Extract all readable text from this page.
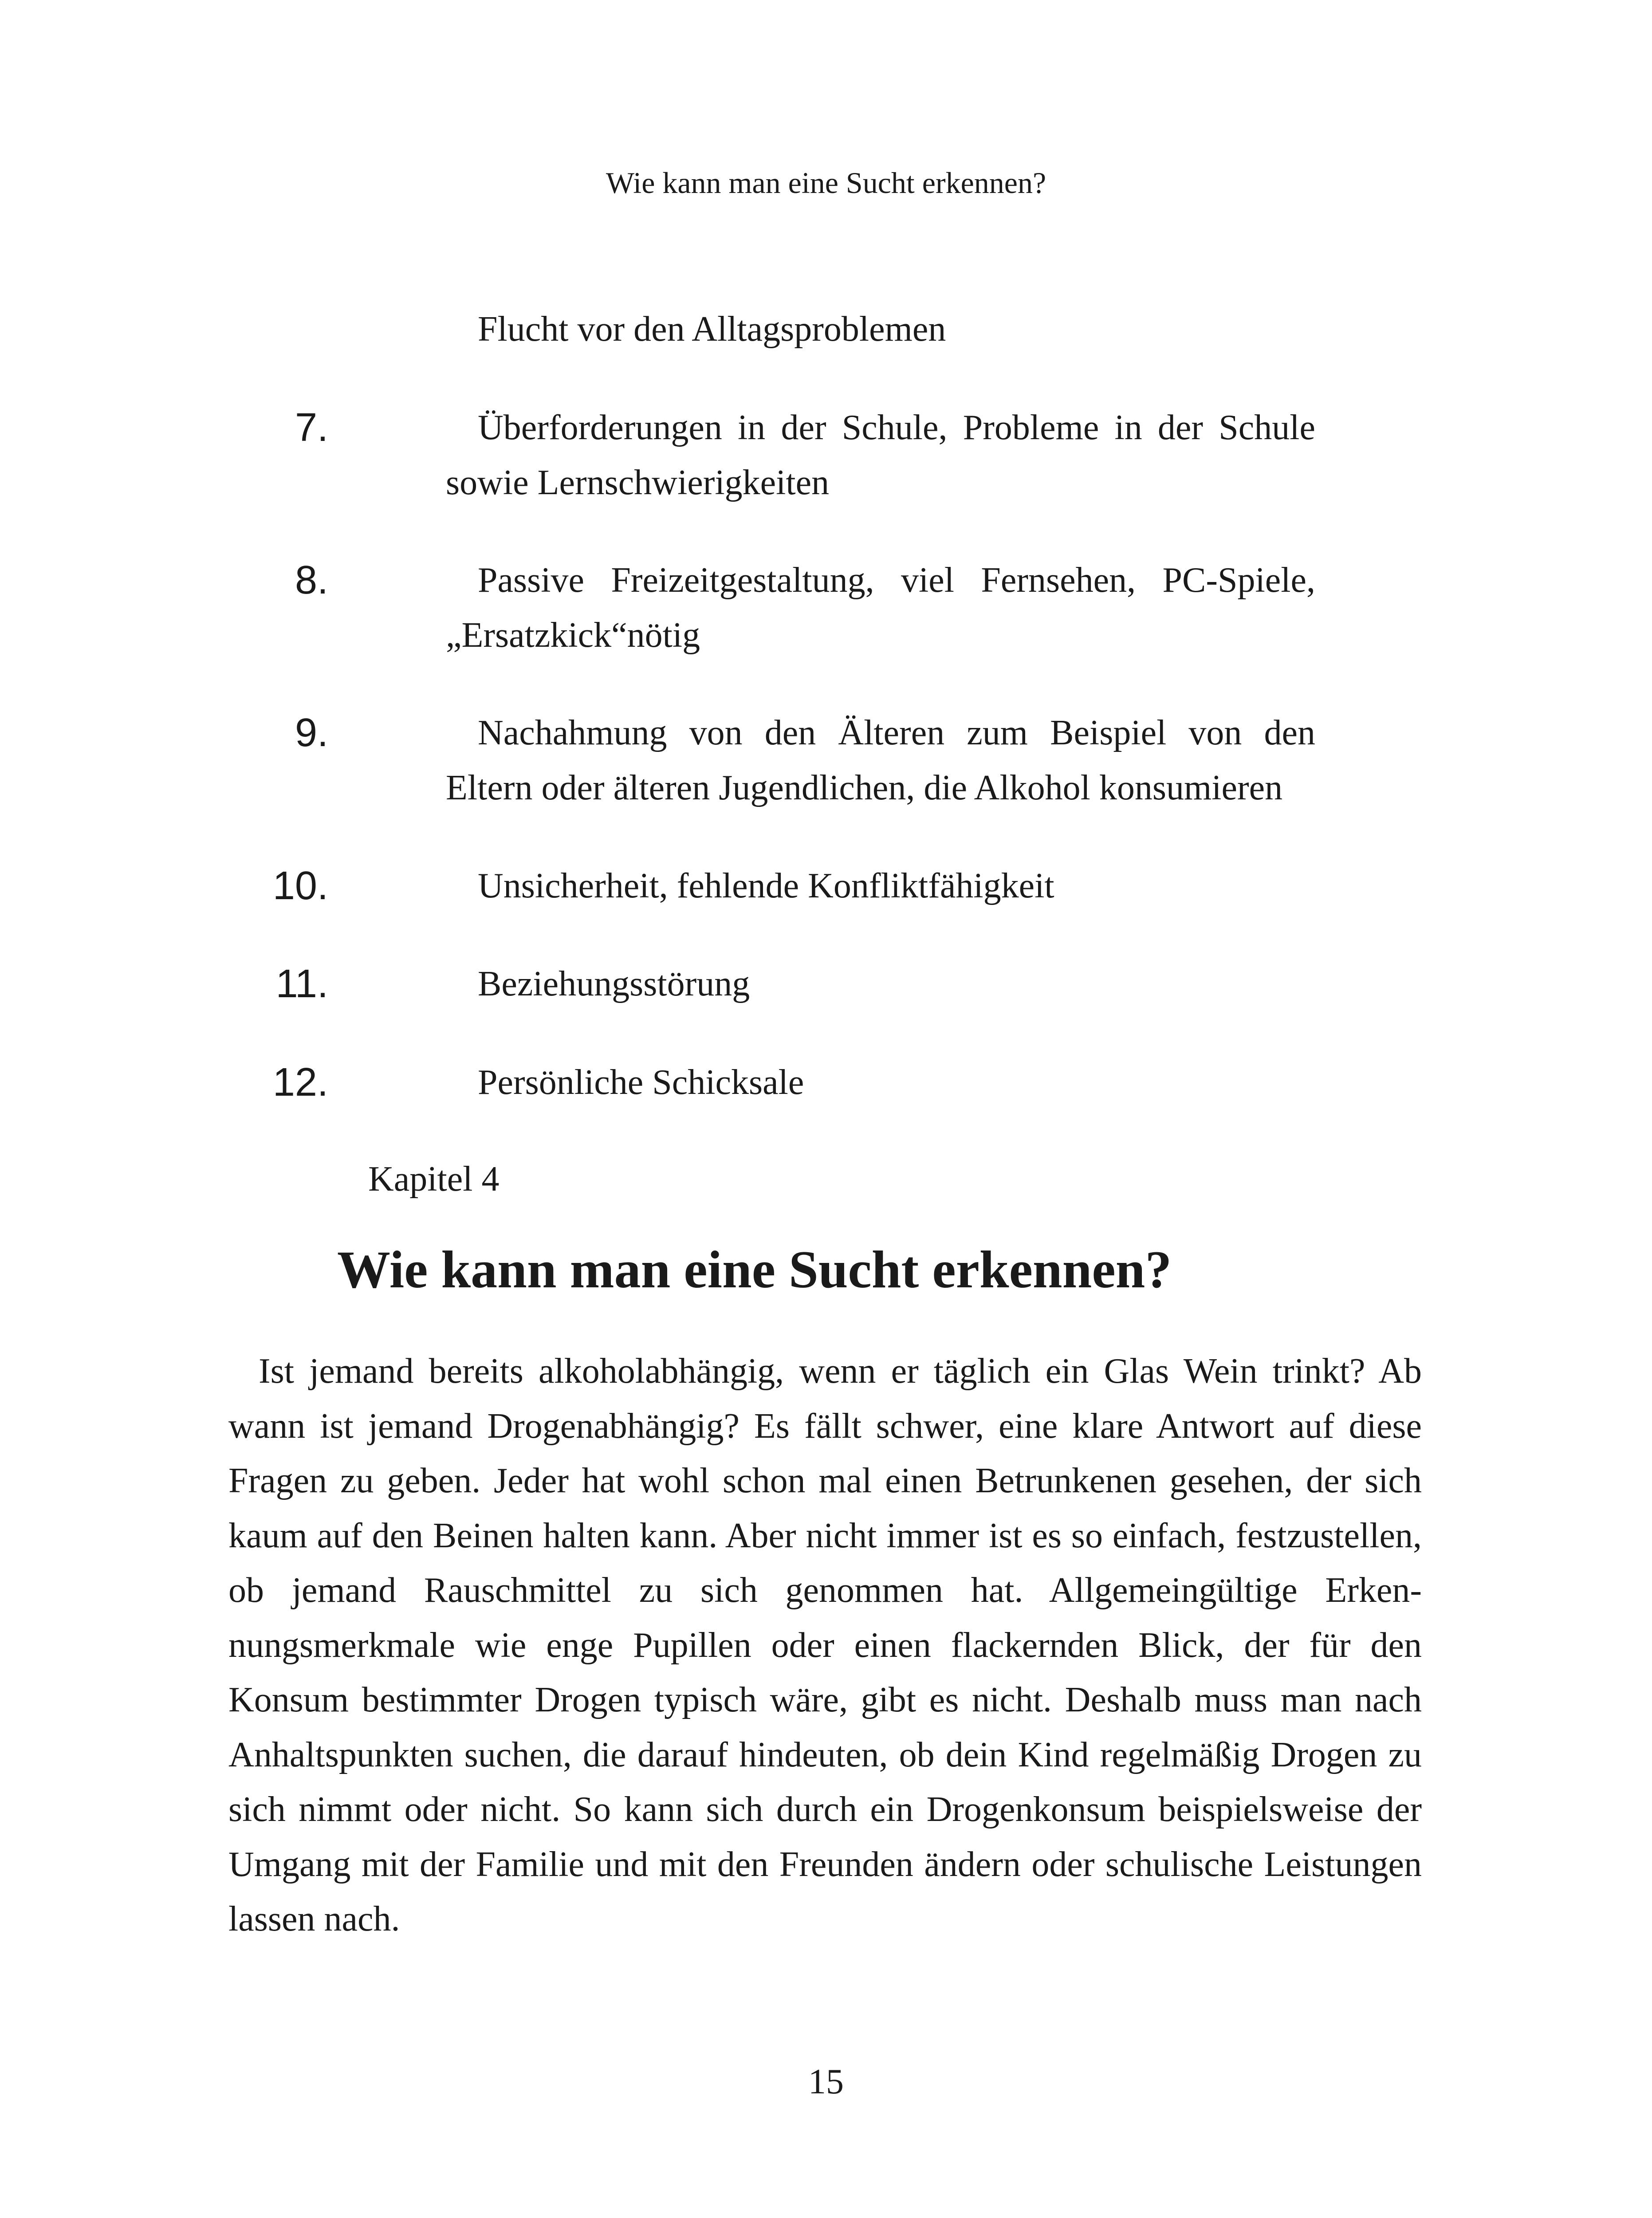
Wie kann man eine Sucht erkennen?
Flucht vor den Alltagsproblemen
7.	Überforderungen in der Schule, Probleme in der Schule sowie Lernschwierigkeiten
8.	Passive Freizeitgestaltung, viel Fernsehen, PC-Spiele, „Ersatzkick“nötig
9.	Nachahmung von den Älteren zum Beispiel von den Eltern oder älteren Jugendlichen, die Alkohol konsumieren
10.	Unsicherheit, fehlende Konfliktfähigkeit
11.	Beziehungsstörung
12.	Persönliche Schicksale
Kapitel 4
Wie kann man eine Sucht erkennen?

Ist jemand bereits alkoholabhängig, wenn er täglich ein Glas Wein trinkt? Ab wann ist jemand Drogenabhängig? Es fällt schwer, eine klare Antwort auf diese Fragen zu geben. Jeder hat wohl schon mal einen Betrunkenen gesehen, der sich kaum auf den Beinen halten kann. Aber nicht immer ist es so einfach, festzustellen, ob jemand Rauschmittel zu sich genommen hat. Allgemeingültige Erkennungsmerkmale wie enge Pupillen oder einen flackernden Blick, der für den Konsum bestimmter Drogen typisch wäre, gibt es nicht. Deshalb muss man nach Anhaltspunkten suchen, die darauf hindeuten, ob dein Kind regelmäßig Drogen zu sich nimmt oder nicht. So kann sich durch ein Drogenkonsum beispielsweise der Umgang mit der Familie und mit den Freunden ändern oder schulische Leistungen lassen nach.

15
